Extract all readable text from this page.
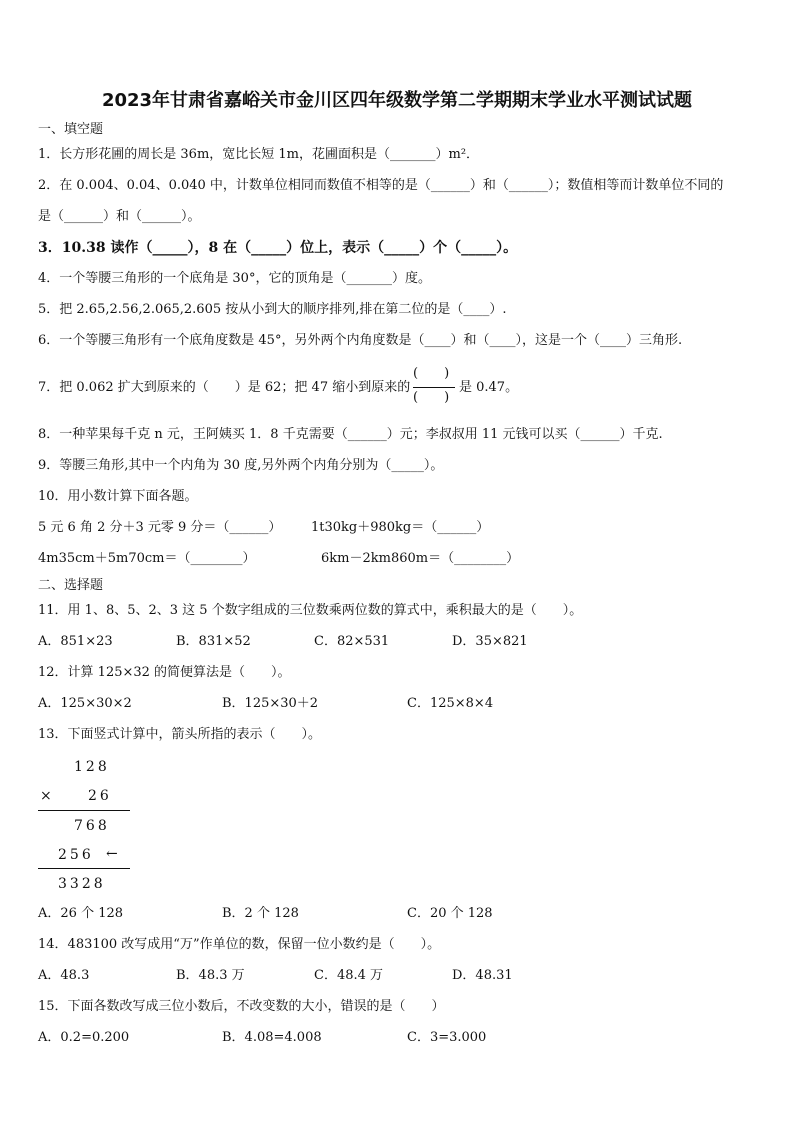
2023年甘肃省嘉峪关市金川区四年级数学第二学期期末学业水平测试试题
一、填空题
1．长方形花圃的周长是 36m，宽比长短 1m，花圃面积是（_______）m²．
2．在 0.004、0.04、0.040 中，计数单位相同而数值不相等的是（______）和（______）；数值相等而计数单位不同的
是（______）和（______）。
3．10.38 读作（_____），8 在（_____）位上，表示（_____）个（_____）。
4．一个等腰三角形的一个底角是 30°，它的顶角是（_______）度。
5．把 2.65,2.56,2.065,2.605 按从小到大的顺序排列,排在第二位的是（____）.
6．一个等腰三角形有一个底角度数是 45°，另外两个内角度数是（____）和（____），这是一个（____）三角形.
7．把 0.062 扩大到原来的（　　）是 62；把 47 缩小到原来的
(　　)
(　　)
是 0.47。
8．一种苹果每千克 n 元，王阿姨买 1．8 千克需要（______）元；李叔叔用 11 元钱可以买（______）千克.
9．等腰三角形,其中一个内角为 30 度,另外两个内角分别为（_____）。
10．用小数计算下面各题。
5 元 6 角 2 分＋3 元零 9 分＝（______） 1t30kg＋980kg＝（______）
4m35cm＋5m70cm＝（________）	6km－2km860m＝（________）
二、选择题
11．用 1、8、5、2、3 这 5 个数字组成的三位数乘两位数的算式中，乘积最大的是（　　）。
A．851×23	B．831×52	C．82×531	D．35×821
12．计算 125×32 的简便算法是（　　）。
A．125×30×2	B．125×30＋2	C．125×8×4
13．下面竖式计算中，箭头所指的表示（　　）。
128
×	26
768
256 ←
3328
A．26 个 128	B．2 个 128	C．20 个 128
14．483100 改写成用“万”作单位的数，保留一位小数约是（　　）。
A．48.3	B．48.3 万	C．48.4 万	D．48.31
15．下面各数改写成三位小数后，不改变数的大小，错误的是（　　）
A．0.2=0.200	B．4.08=4.008	C．3=3.000
